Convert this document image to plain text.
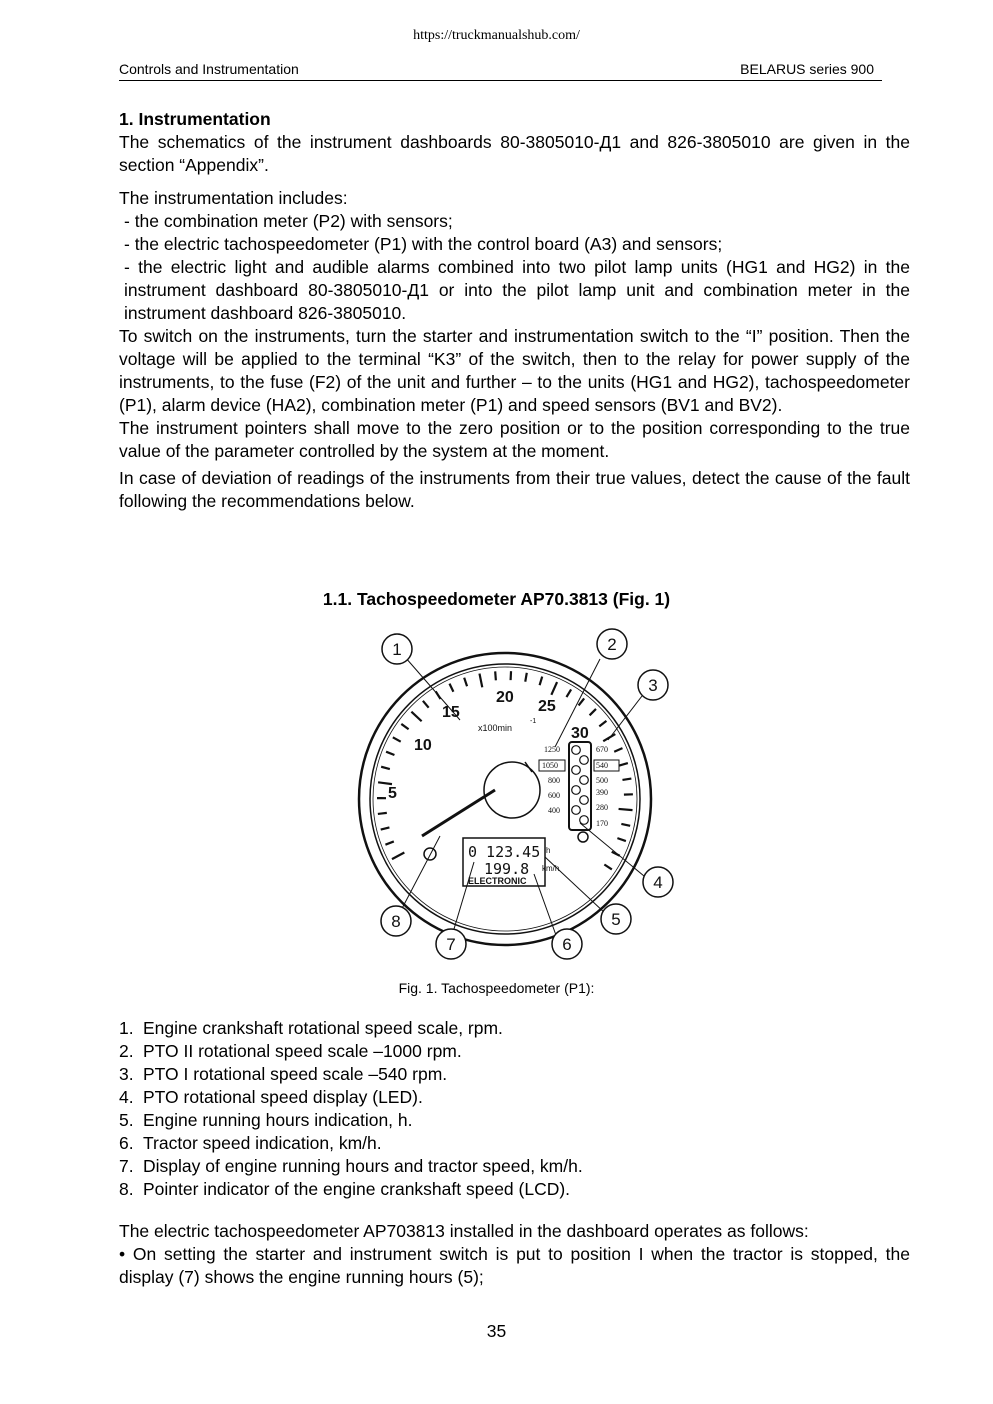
https://truckmanualshub.com/
Controls and Instrumentation	BELARUS series 900

1. Instrumentation

The schematics of the instrument dashboards 80-3805010-Д1 and 826-3805010 are given in the section “Appendix”.

The instrumentation includes:

- the combination meter (P2) with sensors;

- the electric tachospeedometer (P1) with the control board (A3) and sensors;

- the electric light and audible alarms combined into two pilot lamp units (HG1 and HG2) in the instrument dashboard 80-3805010-Д1 or into the pilot lamp unit and combination meter in the instrument dashboard 826-3805010.

To switch on the instruments, turn the starter and instrumentation switch to the “I” position. Then the voltage will be applied to the terminal “K3” of the switch, then to the relay for power supply of the instruments, to the fuse (F2) of the unit and further – to the units (HG1 and HG2), tachospeedometer (P1), alarm device (HA2), combination meter (P1) and speed sensors (BV1 and BV2).

The instrument pointers shall move to the zero position or to the position corresponding to the true value of the parameter controlled by the system at the moment.

In case of deviation of readings of the instruments from their true values, detect the cause of the fault following the recommendations below.

1.1. Tachospeedometer AP70.3813 (Fig. 1)
5
10
15
20
25
30
x100min
-1
1250
1050
800
600
400
670
540
500
390
280
170
0 123.45 h
199.8 km/h
ELECTRONIC
1	2
3
4
5
6
7
8
Fig. 1. Tachospeedometer (P1):
1. Engine crankshaft rotational speed scale, rpm.
2. PTO II rotational speed scale –1000 rpm.
3. PTO I rotational speed scale –540 rpm.
4. PTO rotational speed display (LED).
5. Engine running hours indication, h.
6. Tractor speed indication, km/h.
7. Display of engine running hours and tractor speed, km/h.
8. Pointer indicator of the engine crankshaft speed (LCD).

The electric tachospeedometer AP703813 installed in the dashboard operates as follows:

• On setting the starter and instrument switch is put to position I when the tractor is stopped, the display (7) shows the engine running hours (5);

35
